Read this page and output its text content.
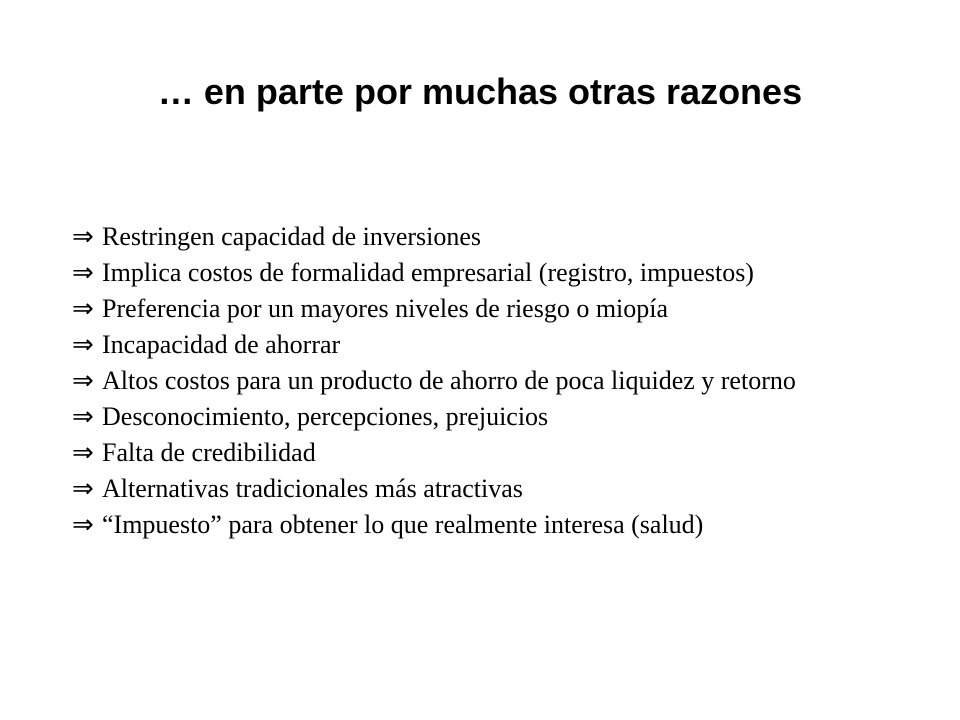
… en parte por muchas otras razones
⇒ Restringen capacidad de inversiones
⇒ Implica costos de formalidad empresarial (registro, impuestos)
⇒ Preferencia por un mayores niveles de riesgo o miopía
⇒ Incapacidad de ahorrar
⇒ Altos costos para un producto de ahorro de poca liquidez y retorno
⇒ Desconocimiento, percepciones, prejuicios
⇒ Falta de credibilidad
⇒ Alternativas tradicionales más atractivas
⇒ “Impuesto” para obtener lo que realmente interesa (salud)
